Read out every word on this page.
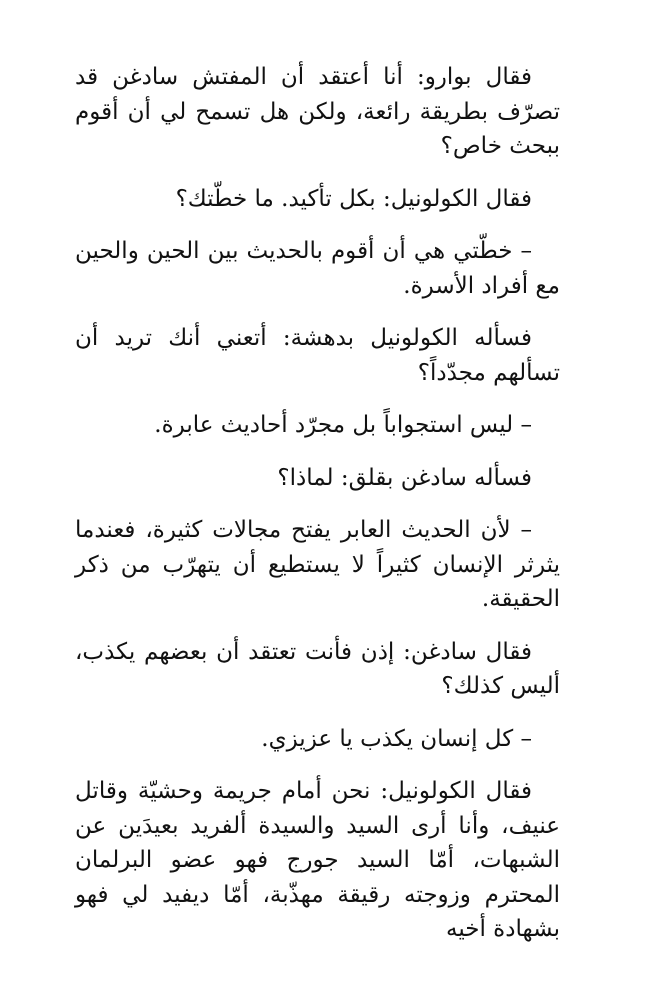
فقال بوارو: أنا أعتقد أن المفتش سادغن قد تصرّف بطريقة رائعة، ولكن هل تسمح لي أن أقوم ببحث خاص؟

فقال الكولونيل: بكل تأكيد. ما خطّتك؟

– خطّتي هي أن أقوم بالحديث بين الحين والحين مع أفراد الأسرة.

فسأله الكولونيل بدهشة: أتعني أنك تريد أن تسألهم مجدّداً؟

– ليس استجواباً بل مجرّد أحاديث عابرة.

فسأله سادغن بقلق: لماذا؟

– لأن الحديث العابر يفتح مجالات كثيرة، فعندما يثرثر الإنسان كثيراً لا يستطيع أن يتهرّب من ذكر الحقيقة.

فقال سادغن: إذن فأنت تعتقد أن بعضهم يكذب، أليس كذلك؟

– كل إنسان يكذب يا عزيزي.

فقال الكولونيل: نحن أمام جريمة وحشيّة وقاتل عنيف، وأنا أرى السيد والسيدة ألفريد بعيدَين عن الشبهات، أمّا السيد جورج فهو عضو البرلمان المحترم وزوجته رقيقة مهذّبة، أمّا ديفيد لي فهو بشهادة أخيه
